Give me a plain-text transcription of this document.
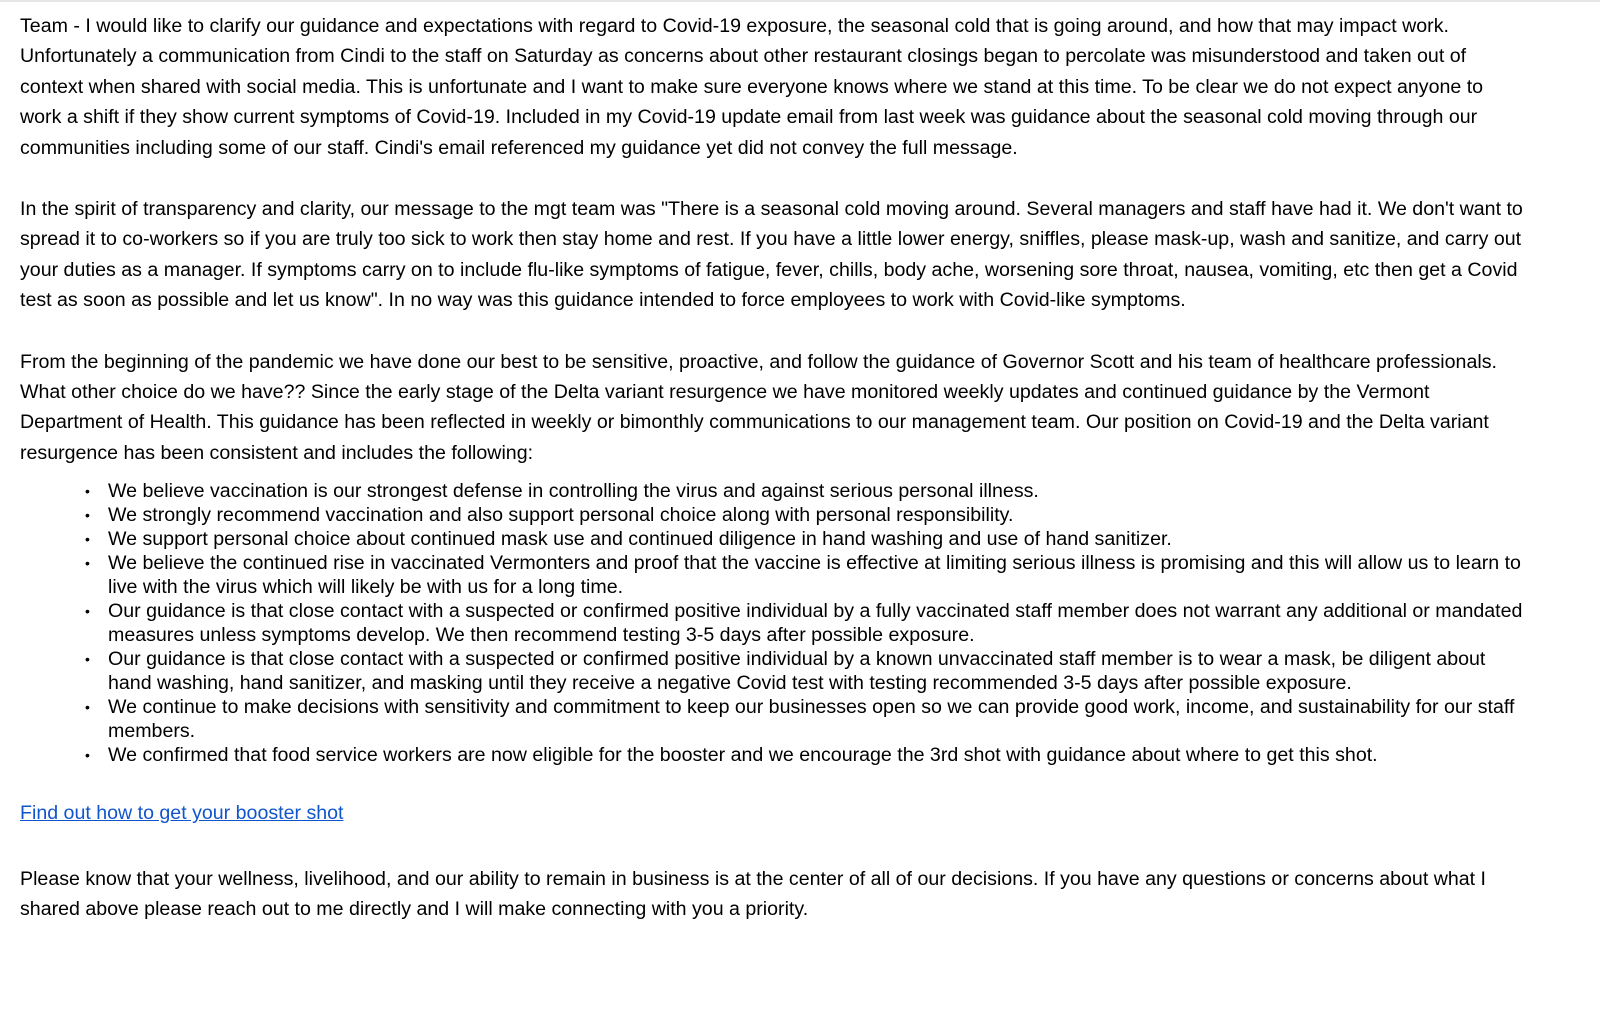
Team - I would like to clarify our guidance and expectations with regard to Covid-19 exposure, the seasonal cold that is going around, and how that may impact work. Unfortunately a communication from Cindi to the staff on Saturday as concerns about other restaurant closings began to percolate was misunderstood and taken out of context when shared with social media. This is unfortunate and I want to make sure everyone knows where we stand at this time. To be clear we do not expect anyone to work a shift if they show current symptoms of Covid-19. Included in my Covid-19 update email from last week was guidance about the seasonal cold moving through our communities including some of our staff. Cindi's email referenced my guidance yet did not convey the full message.

In the spirit of transparency and clarity, our message to the mgt team was "There is a seasonal cold moving around. Several managers and staff have had it. We don't want to spread it to co-workers so if you are truly too sick to work then stay home and rest. If you have a little lower energy, sniffles, please mask-up, wash and sanitize, and carry out your duties as a manager. If symptoms carry on to include flu-like symptoms of fatigue, fever, chills, body ache, worsening sore throat, nausea, vomiting, etc then get a Covid test as soon as possible and let us know". In no way was this guidance intended to force employees to work with Covid-like symptoms.

From the beginning of the pandemic we have done our best to be sensitive, proactive, and follow the guidance of Governor Scott and his team of healthcare professionals. What other choice do we have?? Since the early stage of the Delta variant resurgence we have monitored weekly updates and continued guidance by the Vermont Department of Health. This guidance has been reflected in weekly or bimonthly communications to our management team. Our position on Covid-19 and the Delta variant resurgence has been consistent and includes the following:

• We believe vaccination is our strongest defense in controlling the virus and against serious personal illness.
• We strongly recommend vaccination and also support personal choice along with personal responsibility.
• We support personal choice about continued mask use and continued diligence in hand washing and use of hand sanitizer.
• We believe the continued rise in vaccinated Vermonters and proof that the vaccine is effective at limiting serious illness is promising and this will allow us to learn to live with the virus which will likely be with us for a long time.
• Our guidance is that close contact with a suspected or confirmed positive individual by a fully vaccinated staff member does not warrant any additional or mandated measures unless symptoms develop. We then recommend testing 3-5 days after possible exposure.
• Our guidance is that close contact with a suspected or confirmed positive individual by a known unvaccinated staff member is to wear a mask, be diligent about hand washing, hand sanitizer, and masking until they receive a negative Covid test with testing recommended 3-5 days after possible exposure.
• We continue to make decisions with sensitivity and commitment to keep our businesses open so we can provide good work, income, and sustainability for our staff members.
• We confirmed that food service workers are now eligible for the booster and we encourage the 3rd shot with guidance about where to get this shot.
Find out how to get your booster shot

Please know that your wellness, livelihood, and our ability to remain in business is at the center of all of our decisions. If you have any questions or concerns about what I shared above please reach out to me directly and I will make connecting with you a priority.
